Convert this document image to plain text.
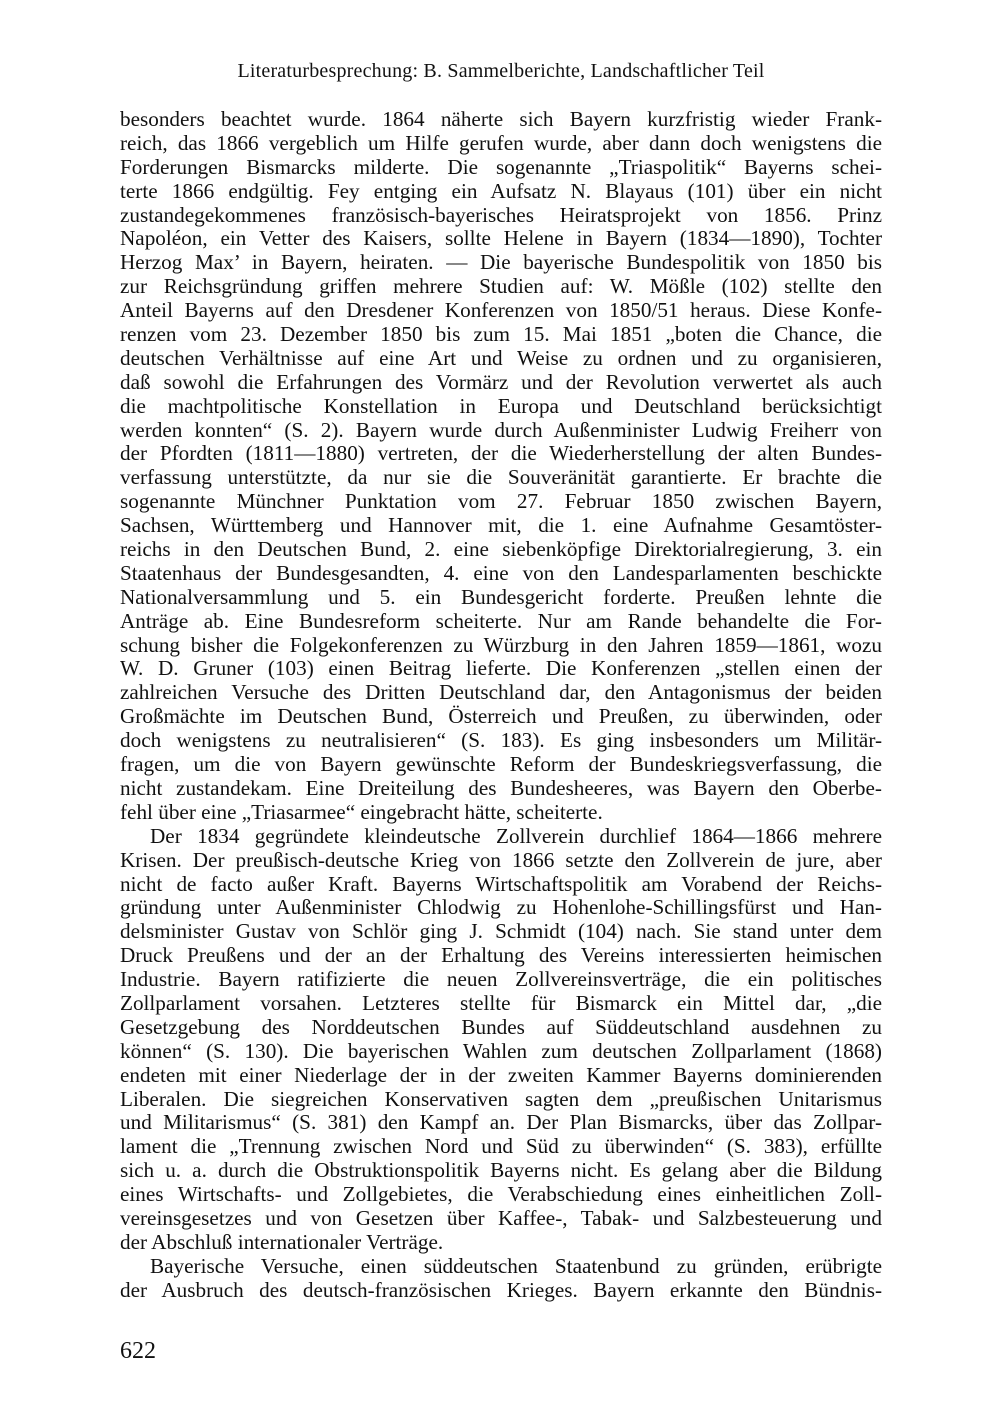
Literaturbesprechung: B. Sammelberichte, Landschaftlicher Teil
besonders beachtet wurde. 1864 näherte sich Bayern kurzfristig wieder Frank-
reich, das 1866 vergeblich um Hilfe gerufen wurde, aber dann doch wenigstens die
Forderungen Bismarcks milderte. Die sogenannte „Triaspolitik“ Bayerns schei-
terte 1866 endgültig. Fey entging ein Aufsatz N. Blayaus (101) über ein nicht
zustandegekommenes französisch-bayerisches Heiratsprojekt von 1856. Prinz
Napoléon, ein Vetter des Kaisers, sollte Helene in Bayern (1834—1890), Tochter
Herzog Max’ in Bayern, heiraten. — Die bayerische Bundespolitik von 1850 bis
zur Reichsgründung griffen mehrere Studien auf: W. Mößle (102) stellte den
Anteil Bayerns auf den Dresdener Konferenzen von 1850/51 heraus. Diese Konfe-
renzen vom 23. Dezember 1850 bis zum 15. Mai 1851 „boten die Chance, die
deutschen Verhältnisse auf eine Art und Weise zu ordnen und zu organisieren,
daß sowohl die Erfahrungen des Vormärz und der Revolution verwertet als auch
die machtpolitische Konstellation in Europa und Deutschland berücksichtigt
werden konnten“ (S. 2). Bayern wurde durch Außenminister Ludwig Freiherr von
der Pfordten (1811—1880) vertreten, der die Wiederherstellung der alten Bundes-
verfassung unterstützte, da nur sie die Souveränität garantierte. Er brachte die
sogenannte Münchner Punktation vom 27. Februar 1850 zwischen Bayern,
Sachsen, Württemberg und Hannover mit, die 1. eine Aufnahme Gesamtöster-
reichs in den Deutschen Bund, 2. eine siebenköpfige Direktorialregierung, 3. ein
Staatenhaus der Bundesgesandten, 4. eine von den Landesparlamenten beschickte
Nationalversammlung und 5. ein Bundesgericht forderte. Preußen lehnte die
Anträge ab. Eine Bundesreform scheiterte. Nur am Rande behandelte die For-
schung bisher die Folgekonferenzen zu Würzburg in den Jahren 1859—1861, wozu
W. D. Gruner (103) einen Beitrag lieferte. Die Konferenzen „stellen einen der
zahlreichen Versuche des Dritten Deutschland dar, den Antagonismus der beiden
Großmächte im Deutschen Bund, Österreich und Preußen, zu überwinden, oder
doch wenigstens zu neutralisieren“ (S. 183). Es ging insbesonders um Militär-
fragen, um die von Bayern gewünschte Reform der Bundeskriegsverfassung, die
nicht zustandekam. Eine Dreiteilung des Bundesheeres, was Bayern den Oberbe-
fehl über eine „Triasarmee“ eingebracht hätte, scheiterte.
Der 1834 gegründete kleindeutsche Zollverein durchlief 1864—1866 mehrere
Krisen. Der preußisch-deutsche Krieg von 1866 setzte den Zollverein de jure, aber
nicht de facto außer Kraft. Bayerns Wirtschaftspolitik am Vorabend der Reichs-
gründung unter Außenminister Chlodwig zu Hohenlohe-Schillingsfürst und Han-
delsminister Gustav von Schlör ging J. Schmidt (104) nach. Sie stand unter dem
Druck Preußens und der an der Erhaltung des Vereins interessierten heimischen
Industrie. Bayern ratifizierte die neuen Zollvereinsverträge, die ein politisches
Zollparlament vorsahen. Letzteres stellte für Bismarck ein Mittel dar, „die
Gesetzgebung des Norddeutschen Bundes auf Süddeutschland ausdehnen zu
können“ (S. 130). Die bayerischen Wahlen zum deutschen Zollparlament (1868)
endeten mit einer Niederlage der in der zweiten Kammer Bayerns dominierenden
Liberalen. Die siegreichen Konservativen sagten dem „preußischen Unitarismus
und Militarismus“ (S. 381) den Kampf an. Der Plan Bismarcks, über das Zollpar-
lament die „Trennung zwischen Nord und Süd zu überwinden“ (S. 383), erfüllte
sich u. a. durch die Obstruktionspolitik Bayerns nicht. Es gelang aber die Bildung
eines Wirtschafts- und Zollgebietes, die Verabschiedung eines einheitlichen Zoll-
vereinsgesetzes und von Gesetzen über Kaffee-, Tabak- und Salzbesteuerung und
der Abschluß internationaler Verträge.
Bayerische Versuche, einen süddeutschen Staatenbund zu gründen, erübrigte
der Ausbruch des deutsch-französischen Krieges. Bayern erkannte den Bündnis-
622
